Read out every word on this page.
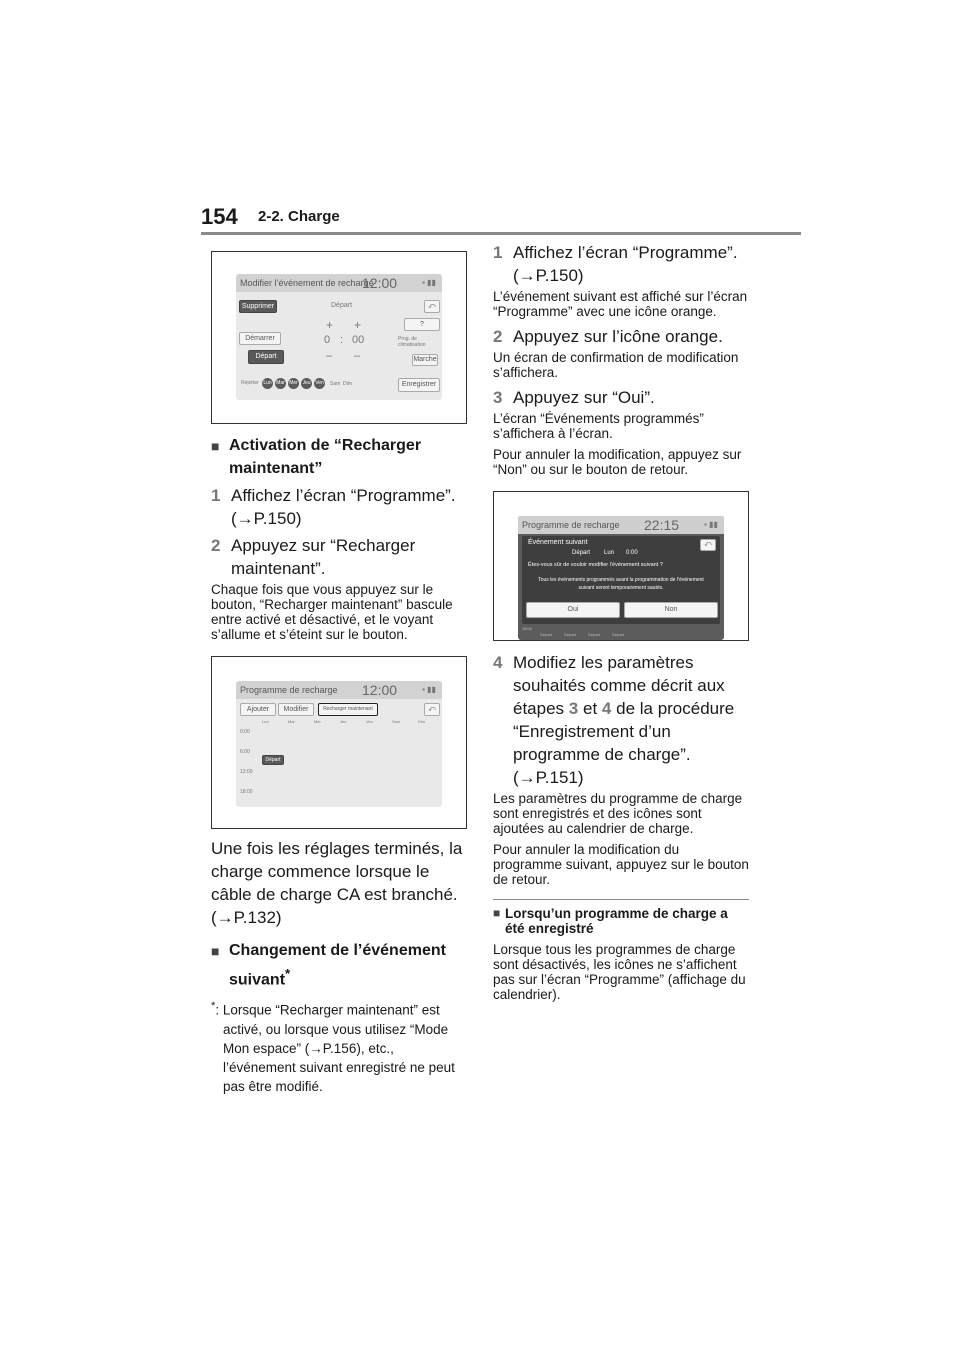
154 2-2. Charge
Modifier l’événement de recharge
12:00	▪ ▮▮
Supprimer	Départ	⤺
+ +	?
Démarrer	0 : 00	Prog. de climatisation
Départ	– –	Marche
Répéter Lun Mar Mer Jeu Ven Sam Dim	Enregistrer
■ Activation de “Recharger maintenant”
1 Affichez l’écran “Programme”. (→P.150)
2 Appuyez sur “Recharger maintenant”.
Chaque fois que vous appuyez sur le bouton, “Recharger maintenant” bascule entre activé et désactivé, et le voyant s’allume et s’éteint sur le bouton.
Programme de recharge 12:00	▪ ▮▮
Ajouter	Modifier	Recharger maintenant	⤺
Lun	Mar	Mer	Jeu	Ven	Sam	Dim
0:00
6:00
12:00
18:00
Départ
Une fois les réglages terminés, la charge commence lorsque le câble de charge CA est branché. (→P.132)
■ Changement de l’événement suivant*
*: Lorsque “Recharger maintenant” est activé, ou lorsque vous utilisez “Mode Mon espace” (→P.156), etc., l’événement suivant enregistré ne peut pas être modifié.
1 Affichez l’écran “Programme”. (→P.150)
L’événement suivant est affiché sur l’écran “Programme” avec une icône orange.
2 Appuyez sur l’icône orange.
Un écran de confirmation de modification s’affichera.
3 Appuyez sur “Oui”.
L’écran “Événements programmés” s’affichera à l’écran.
Pour annuler la modification, appuyez sur “Non” ou sur le bouton de retour.
Programme de recharge 22:15	▪ ▮▮
Événement suivant	⤺
Départ Lun 0:00
Êtes-vous sûr de vouloir modifier l’événement suivant ?
Tous les événements programmés avant la programmation de l’événement suivant seront temporairement sautés.
Oui	Non
18:00
Départ	Départ	Départ	Départ
4 Modifiez les paramètres souhaités comme décrit aux étapes 3 et 4 de la procédure “Enregistrement d’un programme de charge”. (→P.151)
Les paramètres du programme de charge sont enregistrés et des icônes sont ajoutées au calendrier de charge.
Pour annuler la modification du programme suivant, appuyez sur le bouton de retour.
■ Lorsqu’un programme de charge a été enregistré
Lorsque tous les programmes de charge sont désactivés, les icônes ne s’affichent pas sur l’écran “Programme” (affichage du calendrier).
